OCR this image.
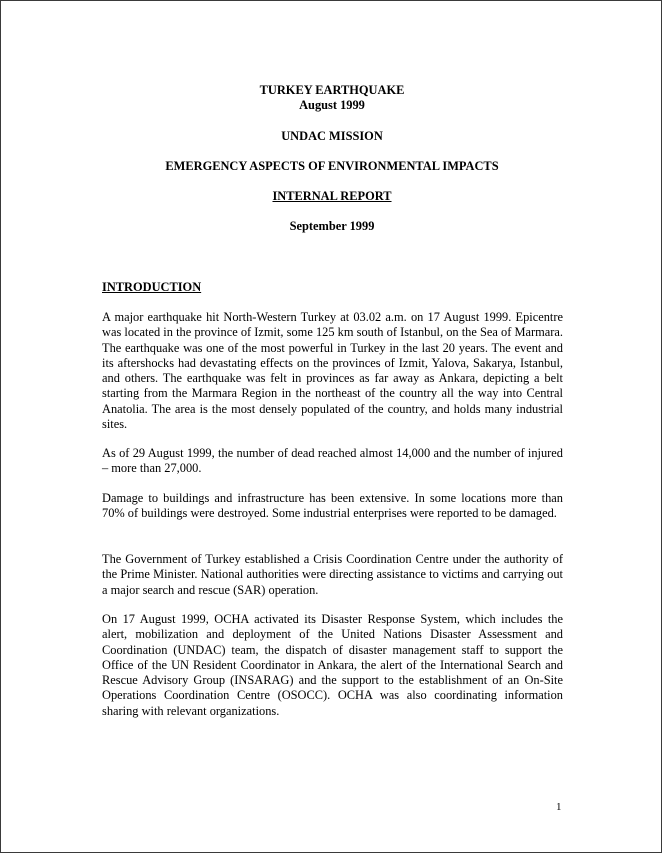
TURKEY EARTHQUAKE
August 1999
UNDAC MISSION
EMERGENCY ASPECTS OF ENVIRONMENTAL IMPACTS
INTERNAL REPORT
September 1999
INTRODUCTION

A major earthquake hit North-Western Turkey at 03.02 a.m. on 17 August 1999. Epicentre was located in the province of Izmit, some 125 km south of Istanbul, on the Sea of Marmara. The earthquake was one of the most powerful in Turkey in the last 20 years. The event and its aftershocks had devastating effects on the provinces of Izmit, Yalova, Sakarya, Istanbul, and others. The earthquake was felt in provinces as far away as Ankara, depicting a belt starting from the Marmara Region in the northeast of the country all the way into Central Anatolia. The area is the most densely populated of the country, and holds many industrial sites.

As of 29 August 1999, the number of dead reached almost 14,000 and the number of injured – more than 27,000.

Damage to buildings and infrastructure has been extensive. In some locations more than 70% of buildings were destroyed. Some industrial enterprises were reported to be damaged.

The Government of Turkey established a Crisis Coordination Centre under the authority of the Prime Minister. National authorities were directing assistance to victims and carrying out a major search and rescue (SAR) operation.

On 17 August 1999, OCHA activated its Disaster Response System, which includes the alert, mobilization and deployment of the United Nations Disaster Assessment and Coordination (UNDAC) team, the dispatch of disaster management staff to support the Office of the UN Resident Coordinator in Ankara, the alert of the International Search and Rescue Advisory Group (INSARAG) and the support to the establishment of an On-Site Operations Coordination Centre (OSOCC). OCHA was also coordinating information sharing with relevant organizations.

1
